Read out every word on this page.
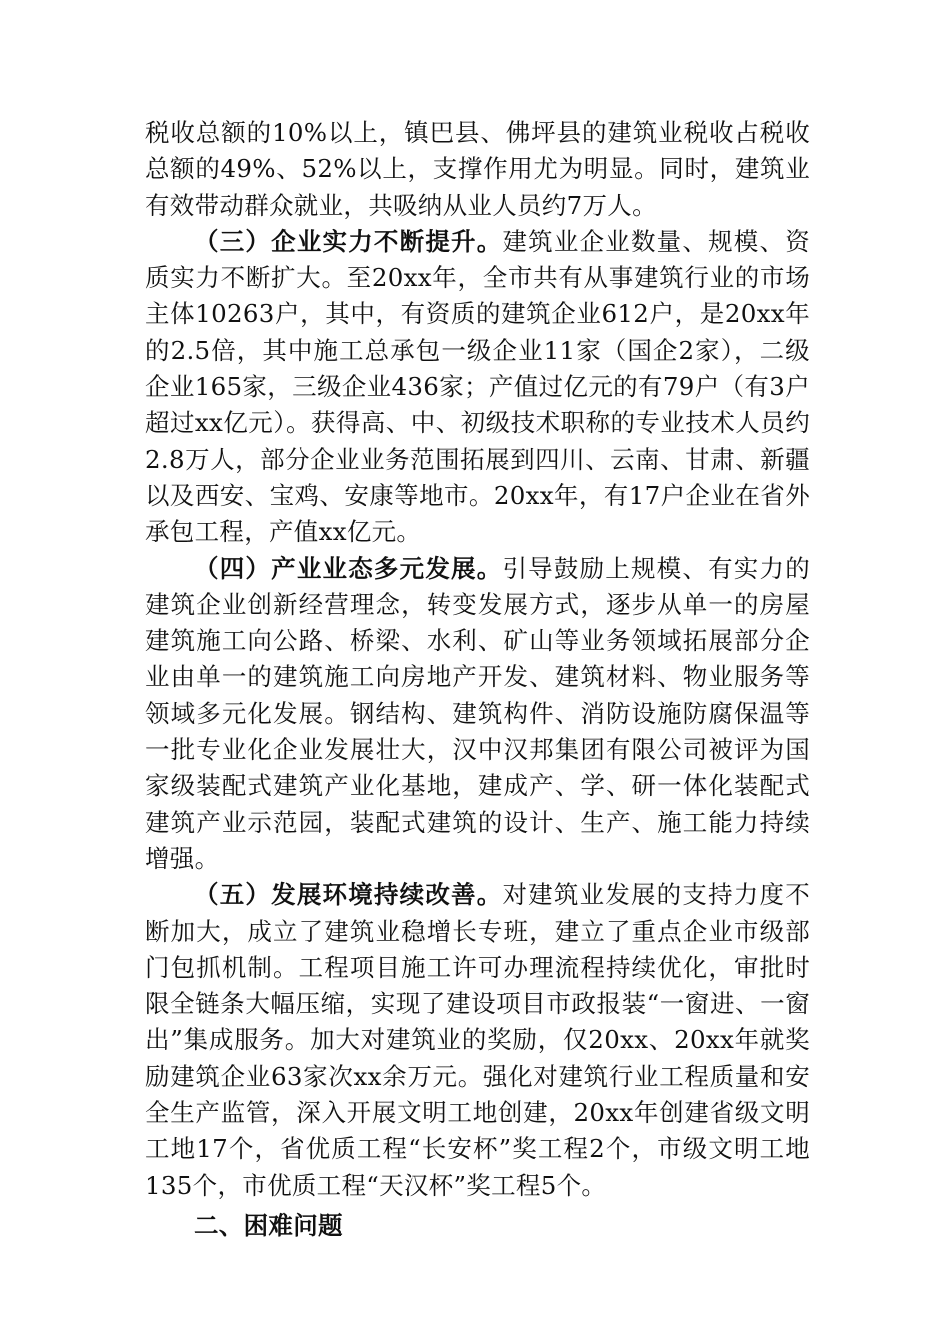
税收总额的10%以上，镇巴县、佛坪县的建筑业税收占税收总额的49%、52%以上，支撑作用尤为明显。同时，建筑业有效带动群众就业，共吸纳从业人员约7万人。

（三）企业实力不断提升。建筑业企业数量、规模、资质实力不断扩大。至20xx年，全市共有从事建筑行业的市场主体10263户，其中，有资质的建筑企业612户，是20xx年的2.5倍，其中施工总承包一级企业11家（国企2家），二级企业165家，三级企业436家；产值过亿元的有79户（有3户超过xx亿元）。获得高、中、初级技术职称的专业技术人员约2.8万人，部分企业业务范围拓展到四川、云南、甘肃、新疆以及西安、宝鸡、安康等地市。20xx年，有17户企业在省外承包工程，产值xx亿元。

（四）产业业态多元发展。引导鼓励上规模、有实力的建筑企业创新经营理念，转变发展方式，逐步从单一的房屋建筑施工向公路、桥梁、水利、矿山等业务领域拓展部分企业由单一的建筑施工向房地产开发、建筑材料、物业服务等领域多元化发展。钢结构、建筑构件、消防设施防腐保温等一批专业化企业发展壮大，汉中汉邦集团有限公司被评为国家级装配式建筑产业化基地，建成产、学、研一体化装配式建筑产业示范园，装配式建筑的设计、生产、施工能力持续增强。

（五）发展环境持续改善。对建筑业发展的支持力度不断加大，成立了建筑业稳增长专班，建立了重点企业市级部门包抓机制。工程项目施工许可办理流程持续优化，审批时限全链条大幅压缩，实现了建设项目市政报装“一窗进、一窗出”集成服务。加大对建筑业的奖励，仅20xx、20xx年就奖励建筑企业63家次xx余万元。强化对建筑行业工程质量和安全生产监管，深入开展文明工地创建，20xx年创建省级文明工地17个，省优质工程“长安杯”奖工程2个，市级文明工地135个，市优质工程“天汉杯”奖工程5个。

二、困难问题
